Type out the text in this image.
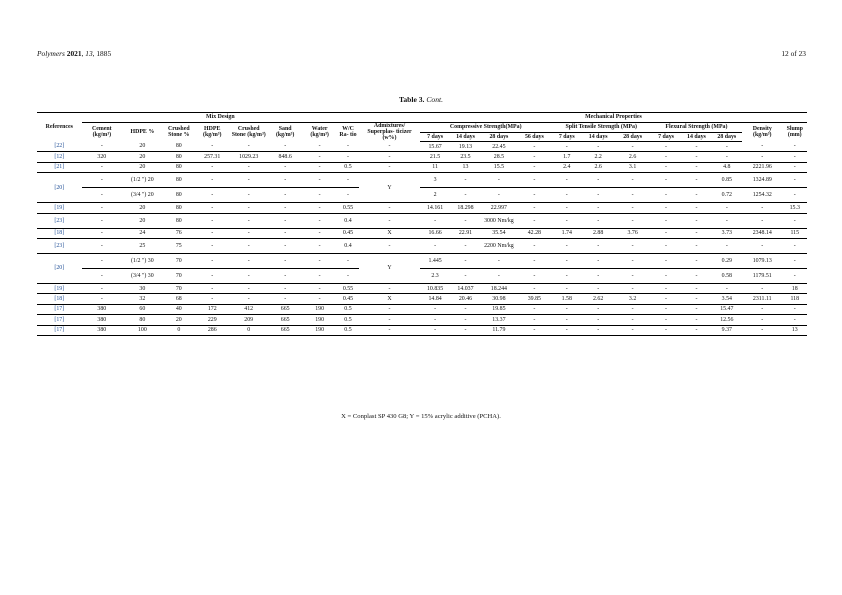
Polymers 2021, 13, 1885	12 of 23
Table 3. Cont.
References	Mix Design									Mechanical Properties											
	Cement (kg/m³)	HDPE %	Crushed Stone %	HDPE (kg/m³)	Crushed Stone (kg/m³)	Sand (kg/m³)	Water (kg/m³)	W/C Ra- tio	Admixtures/ Superplas- ticizer (w%)	Compressive Strength(MPa)				Split Tensile Strength (MPa)			Flexural Strength (MPa)			Density (kg/m³)	Slump (mm)
										7 days	14 days	28 days	56 days	7 days	14 days	28 days	7 days	14 days	28 days		
[22]	-	20	80	-	-	-	-	-	-	15.67	19.13	22.45	-	-	-	-	-	-	-	-	-
[12]	320	20	80	257.31	1029.23	848.6	-	-	-	21.5	23.5	28.5	-	1.7	2.2	2.6	-	-	-	-	-
[21]	-	20	80	-	-	-	-	0.5	-	11	13	15.5	-	2.4	2.6	3.1	-	-	4.8	2221.96	-
[20]	-	(1/2 ") 20	80	-	-	-	-	-	Y	3	-	-	-	-	-	-	-	-	0.85	1324.89	-
	-	(3/4 ") 20	80	-	-	-	-	-		2	-	-	-	-	-	-	-	-	0.72	1254.32	-
[19]	-	20	80	-	-	-	-	0.55	-	14.161	18.298	22.997	-	-	-	-	-	-	-	-	15.3
[23]	-	20	80	-	-	-	-	0.4	-	-	-	3000 Nm/kg	-	-	-	-	-	-	-	-	-
[18]	-	24	76	-	-	-	-	0.45	X	16.66	22.91	35.54	42.28	1.74	2.88	3.76	-	-	3.73	2348.14	115
[23]	-	25	75	-	-	-	-	0.4	-	-	-	2200 Nm/kg	-	-	-	-	-	-	-	-	-
[20]	-	(1/2 ") 30	70	-	-	-	-	-	Y	1.445	-	-	-	-	-	-	-	-	0.29	1079.13	-
	-	(3/4 ") 30	70	-	-	-	-	-		2.3	-	-	-	-	-	-	-	-	0.58	1179.51	-
[19]	-	30	70	-	-	-	-	0.55	-	10.835	14.037	18.244	-	-	-	-	-	-	-	-	18
[18]	-	32	68	-	-	-	-	0.45	X	14.84	20.46	30.98	39.85	1.58	2.62	3.2	-	-	3.54	2311.11	118
[17]	380	60	40	172	412	665	190	0.5	-	-	-	19.85	-	-	-	-	-	-	15.47	-	-
[17]	380	80	20	229	209	665	190	0.5	-	-	-	13.37	-	-	-	-	-	-	12.56	-	-
[17]	380	100	0	286	0	665	190	0.5	-	-	-	11.79	-	-	-	-	-	-	9.37	-	13
X = Conplast SP 430 G8; Y = 15% acrylic additive (PCHA).
